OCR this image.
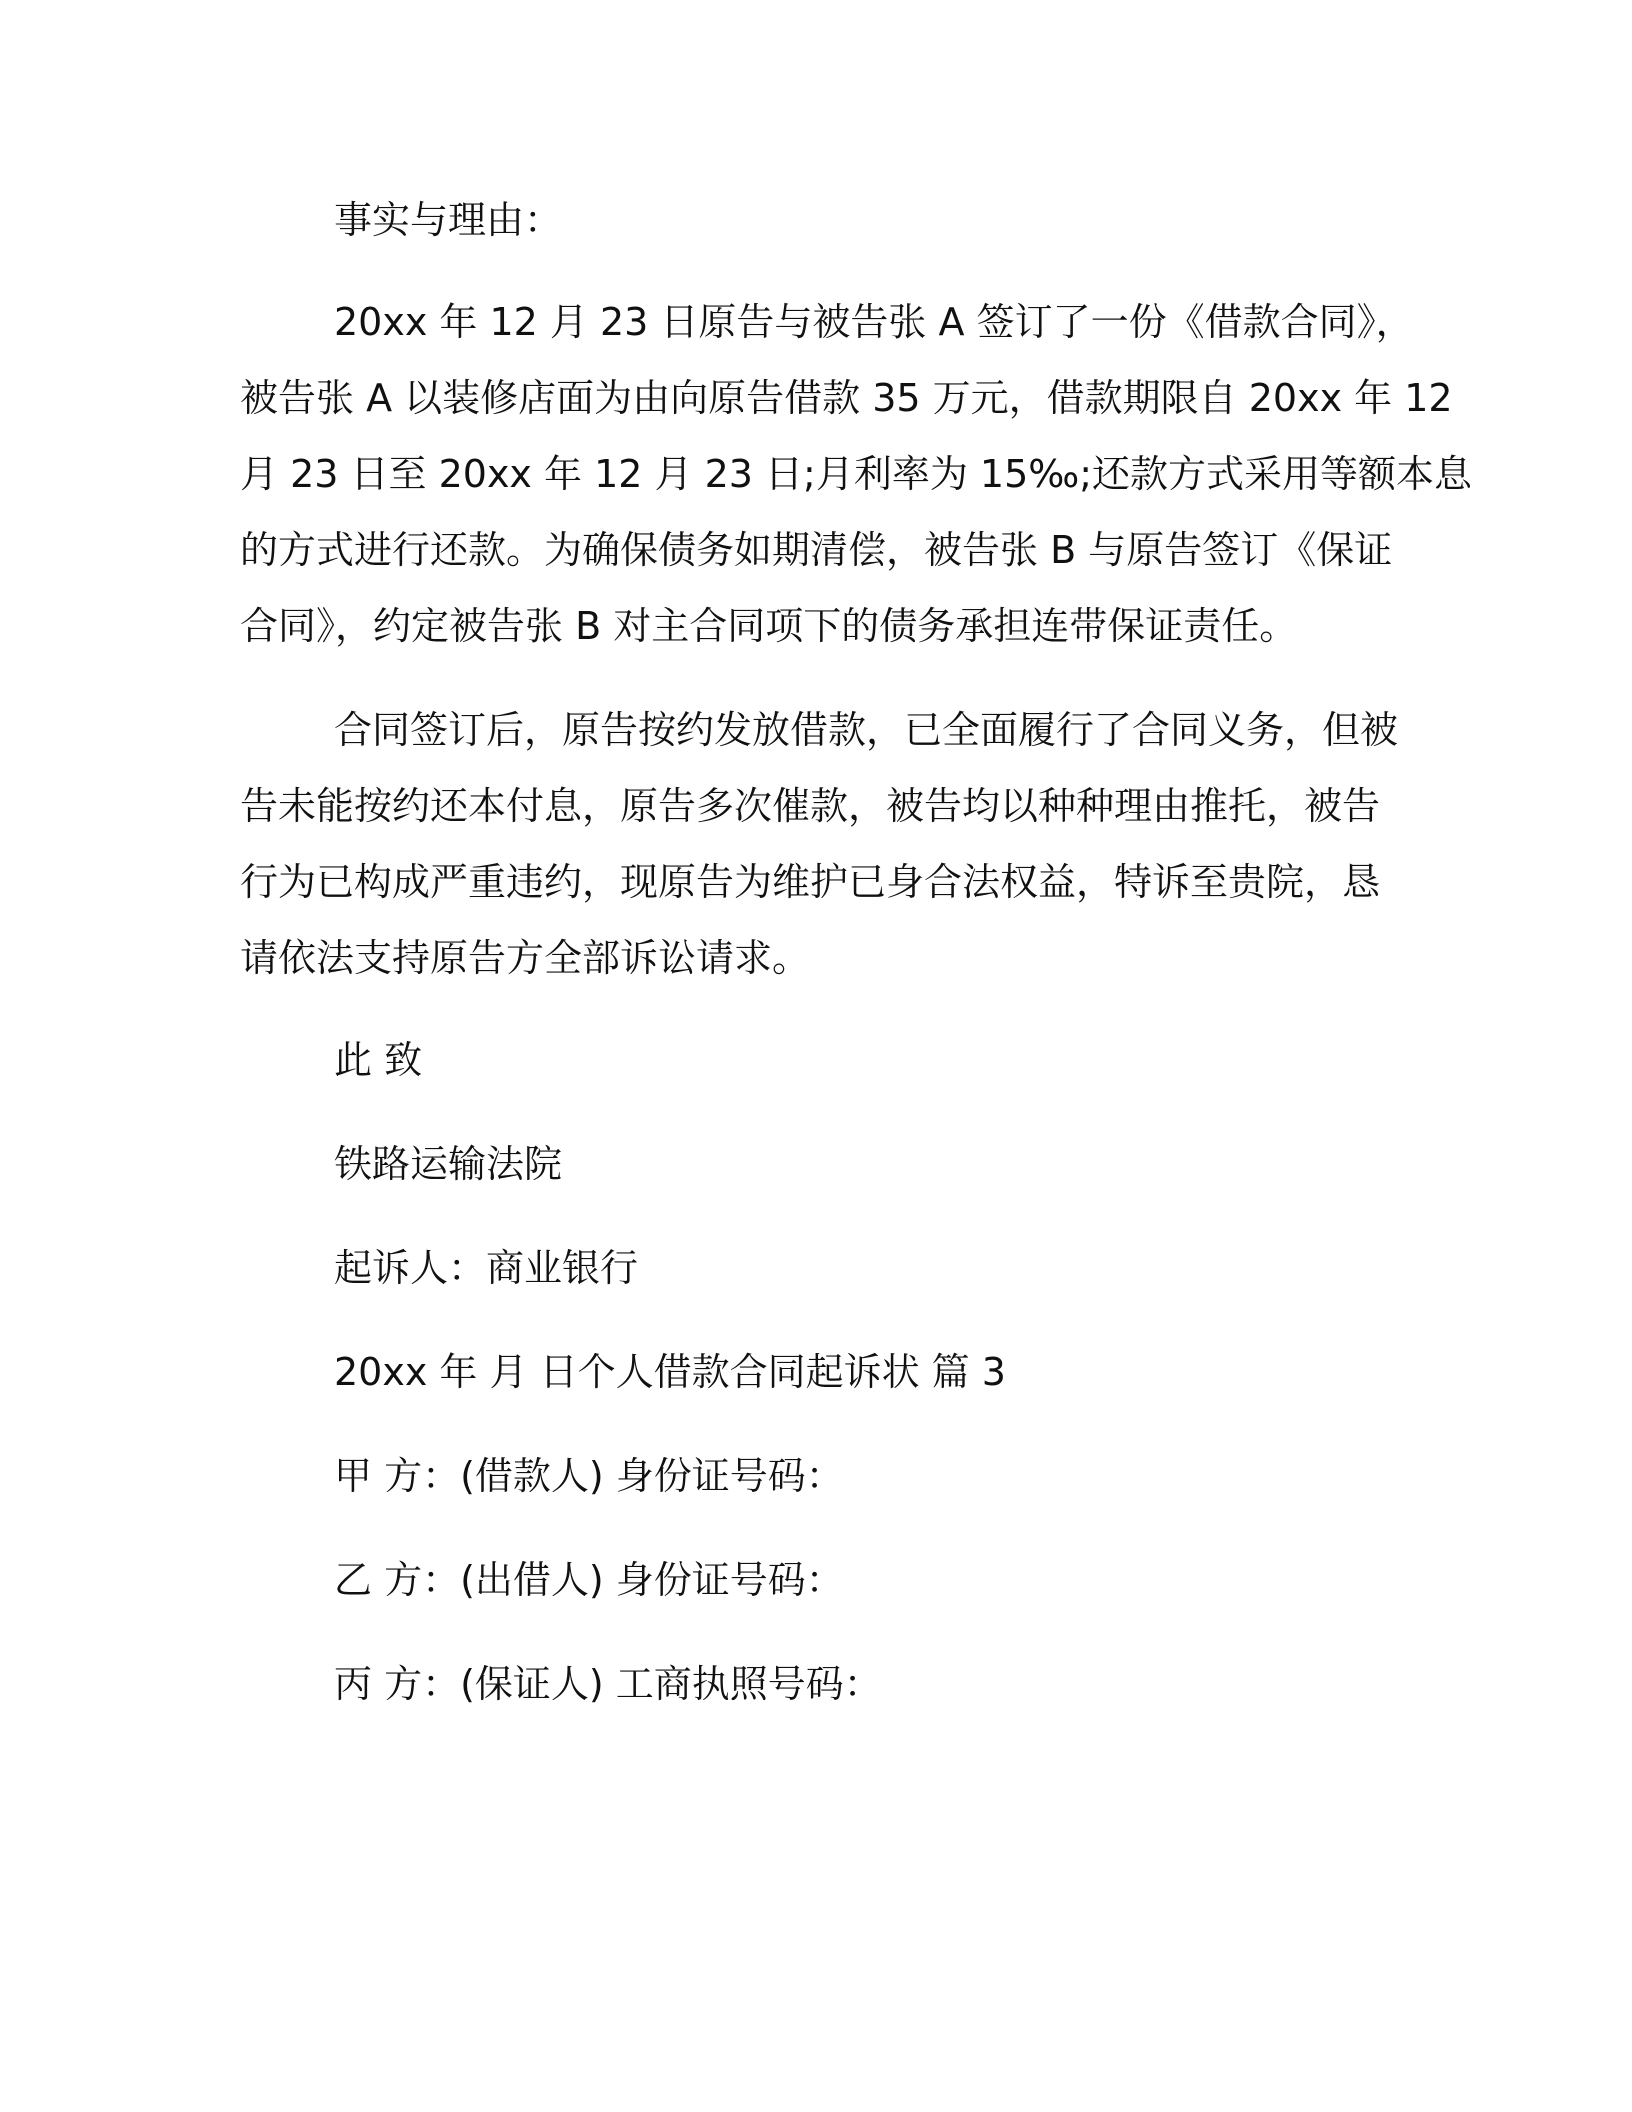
事实与理由：
20xx 年 12 月 23 日原告与被告张 A 签订了一份《借款合同》，
被告张 A 以装修店面为由向原告借款 35 万元，借款期限自 20xx 年 12
月 23 日至 20xx 年 12 月 23 日;月利率为 15‰;还款方式采用等额本息
的方式进行还款。为确保债务如期清偿，被告张 B 与原告签订《保证
合同》，约定被告张 B 对主合同项下的债务承担连带保证责任。
合同签订后，原告按约发放借款，已全面履行了合同义务，但被
告未能按约还本付息，原告多次催款，被告均以种种理由推托，被告
行为已构成严重违约，现原告为维护已身合法权益，特诉至贵院，恳
请依法支持原告方全部诉讼请求。
此 致
铁路运输法院
起诉人：商业银行
20xx 年 月 日个人借款合同起诉状 篇 3
甲 方：(借款人) 身份证号码：
乙 方：(出借人) 身份证号码：
丙 方：(保证人) 工商执照号码：
